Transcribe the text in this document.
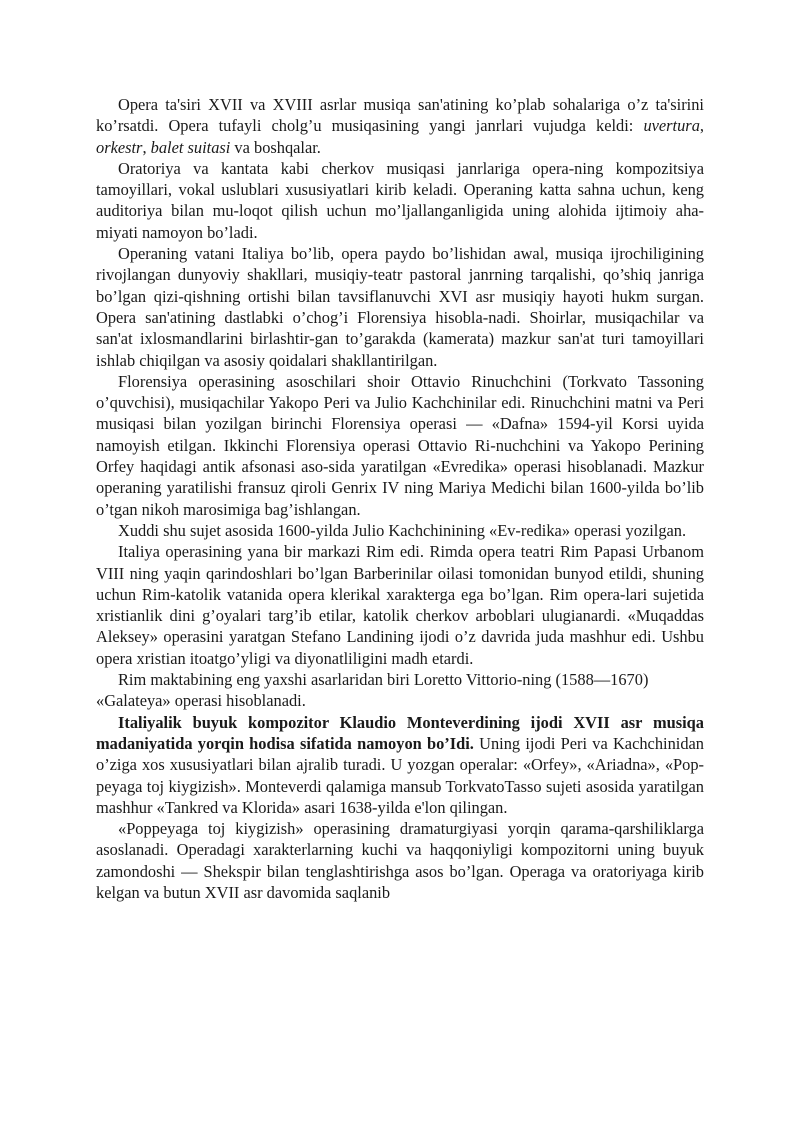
Opera ta'siri XVII va XVIII asrlar musiqa san'atining ko’plab sohalariga o’z ta'sirini ko’rsatdi. Opera tufayli cholg’u musiqasining yangi janrlari vujudga keldi: uvertura, orkestr, balet suitasi va boshqalar.

Oratoriya va kantata kabi cherkov musiqasi janrlariga opera-ning kompozitsiya tamoyillari, vokal uslublari xususiyatlari kirib keladi. Operaning katta sahna uchun, keng auditoriya bilan mu-loqot qilish uchun mo’ljallanganligida uning alohida ijtimoiy aha-miyati namoyon bo’ladi.

Operaning vatani Italiya bo’lib, opera paydo bo’lishidan awal, musiqa ijrochiligining rivojlangan dunyoviy shakllari, musiqiy-teatr pastoral janrning tarqalishi, qo’shiq janriga bo’lgan qizi-qishning ortishi bilan tavsiflanuvchi XVI asr musiqiy hayoti hukm surgan. Opera san'atining dastlabki o’chog’i Florensiya hisobla-nadi. Shoirlar, musiqachilar va san'at ixlosmandlarini birlashtir-gan to’garakda (kamerata) mazkur san'at turi tamoyillari ishlab chiqilgan va asosiy qoidalari shakllantirilgan.

Florensiya operasining asoschilari shoir Ottavio Rinuchchini (Torkvato Tassoning o’quvchisi), musiqachilar Yakopo Peri va Julio Kachchinilar edi. Rinuchchini matni va Peri musiqasi bilan yozilgan birinchi Florensiya operasi — «Dafna» 1594-yil Korsi uyida namoyish etilgan. Ikkinchi Florensiya operasi Ottavio Ri-nuchchini va Yakopo Perining Orfey haqidagi antik afsonasi aso-sida yaratilgan «Evredika» operasi hisoblanadi. Mazkur operaning yaratilishi fransuz qiroli Genrix IV ning Mariya Medichi bilan 1600-yilda bo’lib o’tgan nikoh marosimiga bag’ishlangan.

Xuddi shu sujet asosida 1600-yilda Julio Kachchinining «Ev-redika» operasi yozilgan.

Italiya operasining yana bir markazi Rim edi. Rimda opera teatri Rim Papasi Urbanom VIII ning yaqin qarindoshlari bo’lgan Barberinilar oilasi tomonidan bunyod etildi, shuning uchun Rim-katolik vatanida opera klerikal xarakterga ega bo’lgan. Rim opera-lari sujetida xristianlik dini g’oyalari targ’ib etilar, katolik cherkov arboblari ulugianardi. «Muqaddas Aleksey» operasini yaratgan Stefano Landining ijodi o’z davrida juda mashhur edi. Ushbu opera xristian itoatgo’yligi va diyonatliligini madh etardi.

Rim maktabining eng yaxshi asarlaridan biri Loretto Vittorio-ning (1588—1670) «Galateya» operasi hisoblanadi.

Italiyalik buyuk kompozitor Klaudio Monteverdining ijodi XVII asr musiqa madaniyatida yorqin hodisa sifatida namoyon bo’Idi. Uning ijodi Peri va Kachchinidan o’ziga xos xususiyatlari bilan ajralib turadi. U yozgan operalar: «Orfey», «Ariadna», «Pop-peyaga toj kiygizish». Monteverdi qalamiga mansub TorkvatoTasso sujeti asosida yaratilgan mashhur «Tankred va Klorida» asari 1638-yilda e'lon qilingan.

«Poppeyaga toj kiygizish» operasining dramaturgiyasi yorqin qarama-qarshiliklarga asoslanadi. Operadagi xarakterlarning kuchi va haqqoniyligi kompozitorni uning buyuk zamondoshi — Shekspir bilan tenglashtirishga asos bo’lgan. Operaga va oratoriyaga kirib kelgan va butun XVII asr davomida saqlanib
